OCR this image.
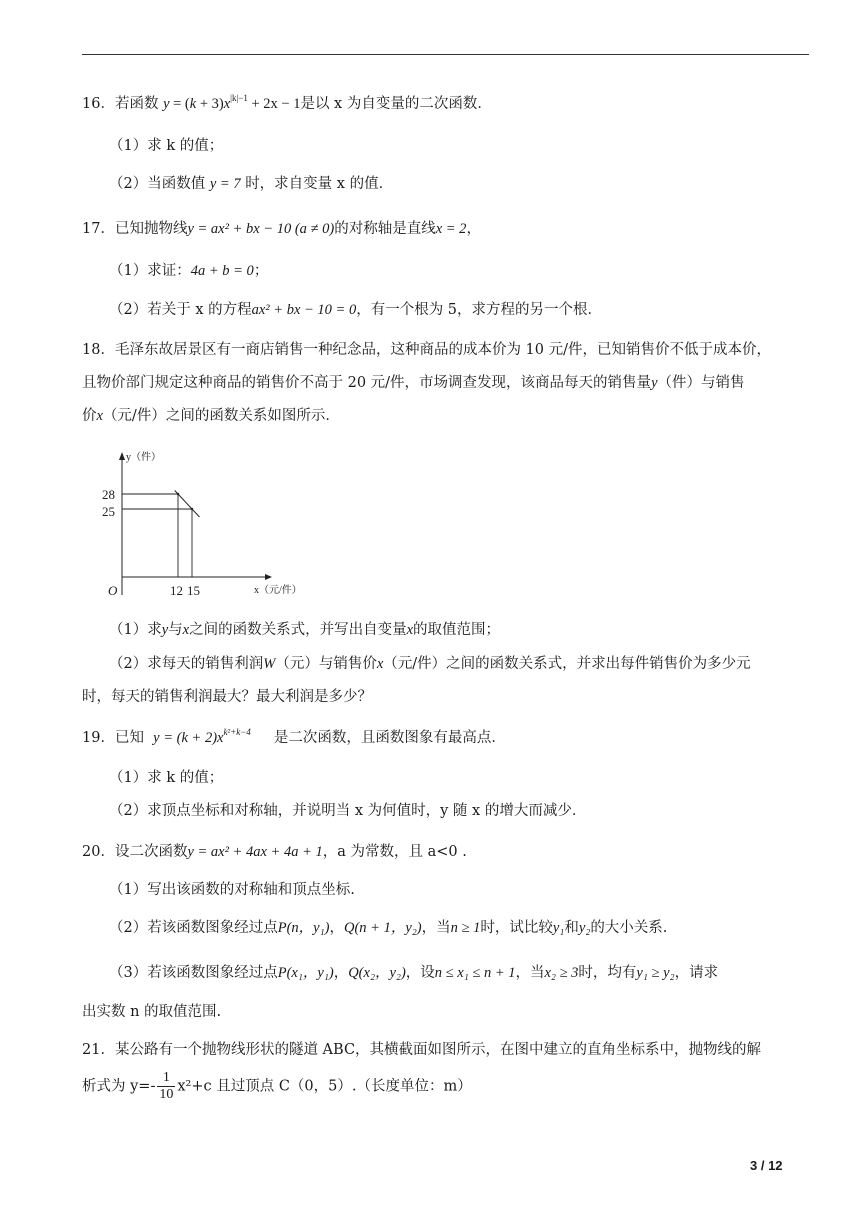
16．若函数 $y = (k + 3)x^{|k|-1} + 2x - 1$是以 x 为自变量的二次函数．
（1）求 k 的值；
（2）当函数值 y = 7 时，求自变量 x 的值．
17．已知抛物线y = ax² + bx − 10 (a ≠ 0)的对称轴是直线x = 2，
（1）求证：4a + b = 0；
（2）若关于 x 的方程ax² + bx − 10 = 0，有一个根为 5，求方程的另一个根．
18．毛泽东故居景区有一商店销售一种纪念品，这种商品的成本价为 10 元/件，已知销售价不低于成本价，
且物价部门规定这种商品的销售价不高于 20 元/件，市场调查发现，该商品每天的销售量y（件）与销售
价x（元/件）之间的函数关系如图所示．
28
25
12 15
O
y（件）
x（元/件）
（1）求y与x之间的函数关系式，并写出自变量x的取值范围；
（2）求每天的销售利润W（元）与销售价x（元/件）之间的函数关系式，并求出每件销售价为多少元
时，每天的销售利润最大？最大利润是多少？
19．已知 $y = (k + 2)x^{k^2+k-4}$ 是二次函数，且函数图象有最高点．
（1）求 k 的值；
（2）求顶点坐标和对称轴，并说明当 x 为何值时，y 随 x 的增大而减少．
20．设二次函数y = ax² + 4ax + 4a + 1，a 为常数，且 a<0 .
（1）写出该函数的对称轴和顶点坐标.
（2）若该函数图象经过点P(n，y₁)，Q(n + 1，y₂)，当n ≥ 1时，试比较y₁和y₂的大小关系.
（3）若该函数图象经过点P(x₁，y₁)，Q(x₂，y₂)，设n ≤ x₁ ≤ n + 1，当x₂ ≥ 3时，均有y₁ ≥ y₂，请求
出实数 n 的取值范围.
21．某公路有一个抛物线形状的隧道 ABC，其横截面如图所示，在图中建立的直角坐标系中，抛物线的解
析式为 $y=- \frac{1}{10} x^2+c$ 且过顶点 C（0，5）.（长度单位：m）
3 / 12
